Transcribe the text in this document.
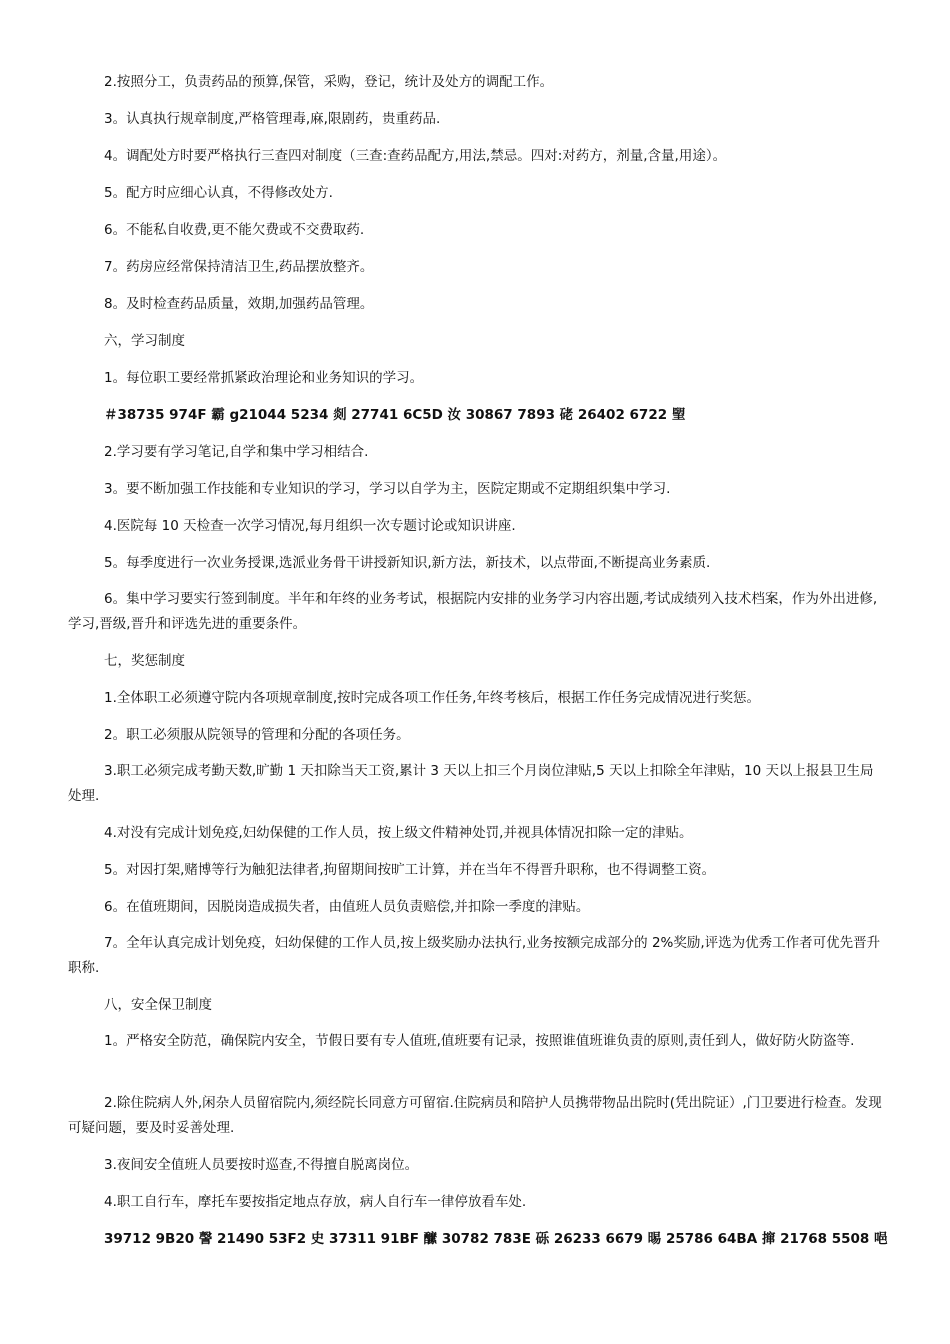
2.按照分工，负责药品的预算,保管，采购，登记，统计及处方的调配工作。
3。认真执行规章制度,严格管理毒,麻,限剧药，贵重药品.
4。调配处方时要严格执行三查四对制度（三查:查药品配方,用法,禁忌。四对:对药方，剂量,含量,用途）。
5。配方时应细心认真，不得修改处方.
6。不能私自收费,更不能欠费或不交费取药.
7。药房应经常保持清洁卫生,药品摆放整齐。
8。及时检查药品质量，效期,加强药品管理。
六，学习制度
1。每位职工要经常抓紧政治理论和业务知识的学习。
＃38735 974F 霸 g21044 5234 剡 27741 6C5D 汝 30867 7893 硓 26402 6722 朢
2.学习要有学习笔记,自学和集中学习相结合.
3。要不断加强工作技能和专业知识的学习，学习以自学为主，医院定期或不定期组织集中学习.
4.医院每 10 天检查一次学习情况,每月组织一次专题讨论或知识讲座.
5。每季度进行一次业务授课,选派业务骨干讲授新知识,新方法，新技术，以点带面,不断提高业务素质.
6。集中学习要实行签到制度。半年和年终的业务考试，根据院内安排的业务学习内容出题,考试成绩列入技术档案，作为外出进修,学习,晋级,晋升和评选先进的重要条件。
七，奖惩制度
1.全体职工必须遵守院内各项规章制度,按时完成各项工作任务,年终考核后，根据工作任务完成情况进行奖惩。
2。职工必须服从院领导的管理和分配的各项任务。
3.职工必须完成考勤天数,旷勤 1 天扣除当天工资,累计 3 天以上扣三个月岗位津贴,5 天以上扣除全年津贴，10 天以上报县卫生局处理.
4.对没有完成计划免疫,妇幼保健的工作人员，按上级文件精神处罚,并视具体情况扣除一定的津贴。
5。对因打架,赌博等行为触犯法律者,拘留期间按旷工计算，并在当年不得晋升职称，也不得调整工资。
6。在值班期间，因脱岗造成损失者，由值班人员负责赔偿,并扣除一季度的津贴。
7。全年认真完成计划免疫，妇幼保健的工作人员,按上级奖励办法执行,业务按额完成部分的 2%奖励,评选为优秀工作者可优先晋升职称.
八，安全保卫制度
1。严格安全防范，确保院内安全，节假日要有专人值班,值班要有记录，按照谁值班谁负责的原则,责任到人，做好防火防盗等.
2.除住院病人外,闲杂人员留宿院内,须经院长同意方可留宿.住院病员和陪护人员携带物品出院时(凭出院证）,门卫要进行检查。发现可疑问题，要及时妥善处理.
3.夜间安全值班人员要按时巡查,不得擅自脱离岗位。
4.职工自行车，摩托车要按指定地点存放，病人自行车一律停放看车处.
39712 9B20 謦 21490 53F2 史 37311 91BF 醿 30782 783E 砾 26233 6679 晹 25786 64BA 撺 21768 5508 唈
